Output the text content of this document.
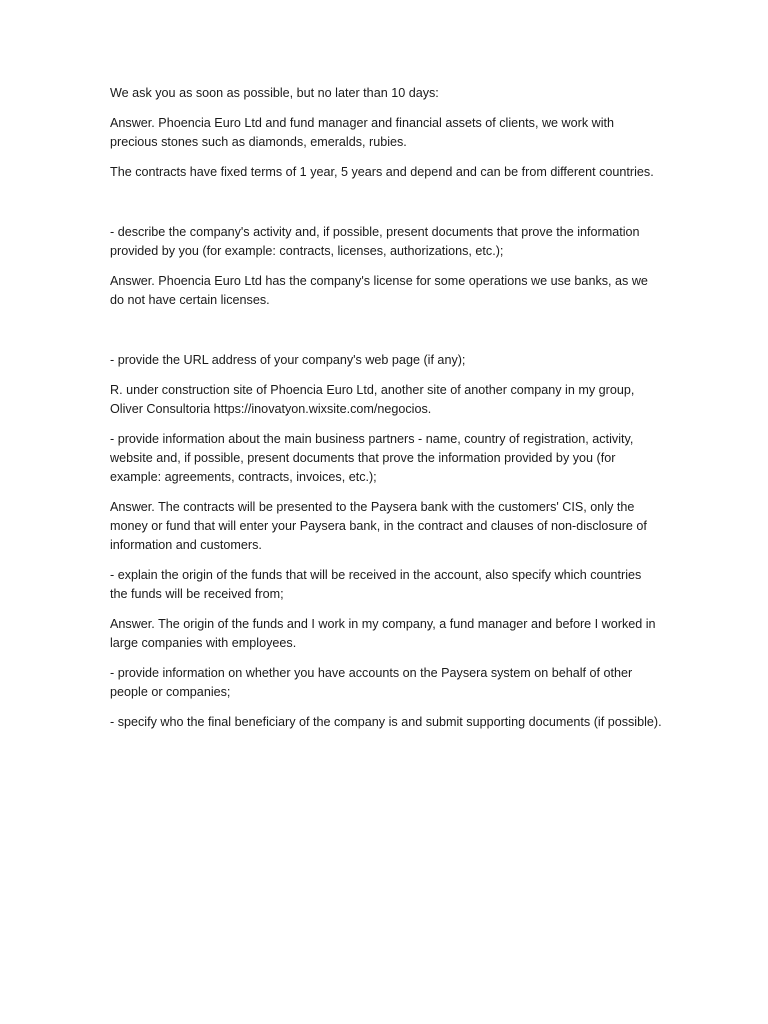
We ask you as soon as possible, but no later than 10 days:

Answer. Phoencia Euro Ltd and fund manager and financial assets of clients, we work with precious stones such as diamonds, emeralds, rubies.

The contracts have fixed terms of 1 year, 5 years and depend and can be from different countries.

- describe the company's activity and, if possible, present documents that prove the information provided by you (for example: contracts, licenses, authorizations, etc.);

Answer. Phoencia Euro Ltd has the company's license for some operations we use banks, as we do not have certain licenses.

- provide the URL address of your company's web page (if any);

R. under construction site of Phoencia Euro Ltd, another site of another company in my group, Oliver Consultoria https://inovatyon.wixsite.com/negocios.

- provide information about the main business partners - name, country of registration, activity, website and, if possible, present documents that prove the information provided by you (for example: agreements, contracts, invoices, etc.);

Answer. The contracts will be presented to the Paysera bank with the customers' CIS, only the money or fund that will enter your Paysera bank, in the contract and clauses of non-disclosure of information and customers.

- explain the origin of the funds that will be received in the account, also specify which countries the funds will be received from;

Answer. The origin of the funds and I work in my company, a fund manager and before I worked in large companies with employees.

- provide information on whether you have accounts on the Paysera system on behalf of other people or companies;

- specify who the final beneficiary of the company is and submit supporting documents (if possible).
